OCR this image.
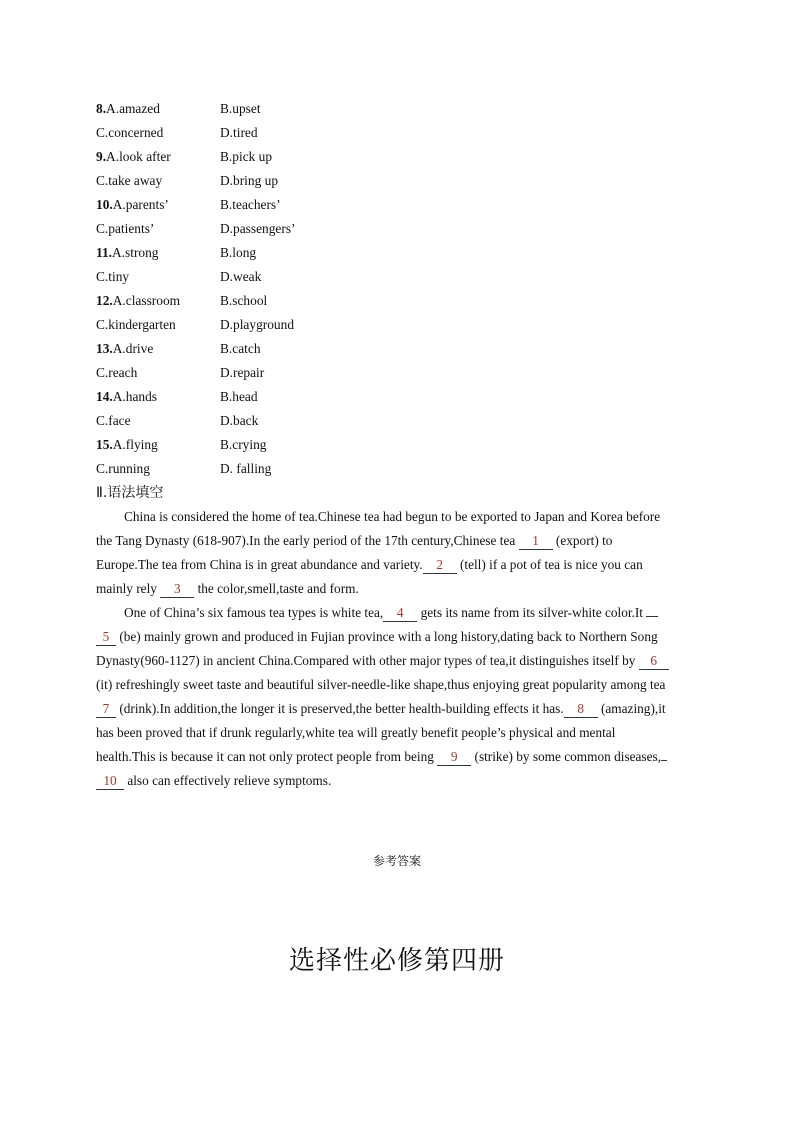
8.A.amazed	B.upset
C.concerned	D.tired
9.A.look after	B.pick up
C.take away	D.bring up
10.A.parents’	B.teachers’
C.patients’	D.passengers’
11.A.strong	B.long
C.tiny	D.weak
12.A.classroom	B.school
C.kindergarten	D.playground
13.A.drive	B.catch
C.reach	D.repair
14.A.hands	B.head
C.face	D.back
15.A.flying	B.crying
C.running	D. falling
Ⅱ.语法填空
China is considered the home of tea.Chinese tea had begun to be exported to Japan and Korea before
the Tang Dynasty (618-907).In the early period of the 17th century,Chinese tea 1 (export) to
Europe.The tea from China is in great abundance and variety. 2 (tell) if a pot of tea is nice you can
mainly rely 3 the color,smell,taste and form.
One of China’s six famous tea types is white tea, 4 gets its name from its silver-white color.It
5 (be) mainly grown and produced in Fujian province with a long history,dating back to Northern Song
Dynasty(960-1127) in ancient China.Compared with other major types of tea,it distinguishes itself by 6
(it) refreshingly sweet taste and beautiful silver-needle-like shape,thus enjoying great popularity among tea
7 (drink).In addition,the longer it is preserved,the better health-building effects it has. 8 (amazing),it
has been proved that if drunk regularly,white tea will greatly benefit people’s physical and mental
health.This is because it can not only protect people from being 9 (strike) by some common diseases,
10 also can effectively relieve symptoms.
参考答案
选择性必修第四册
